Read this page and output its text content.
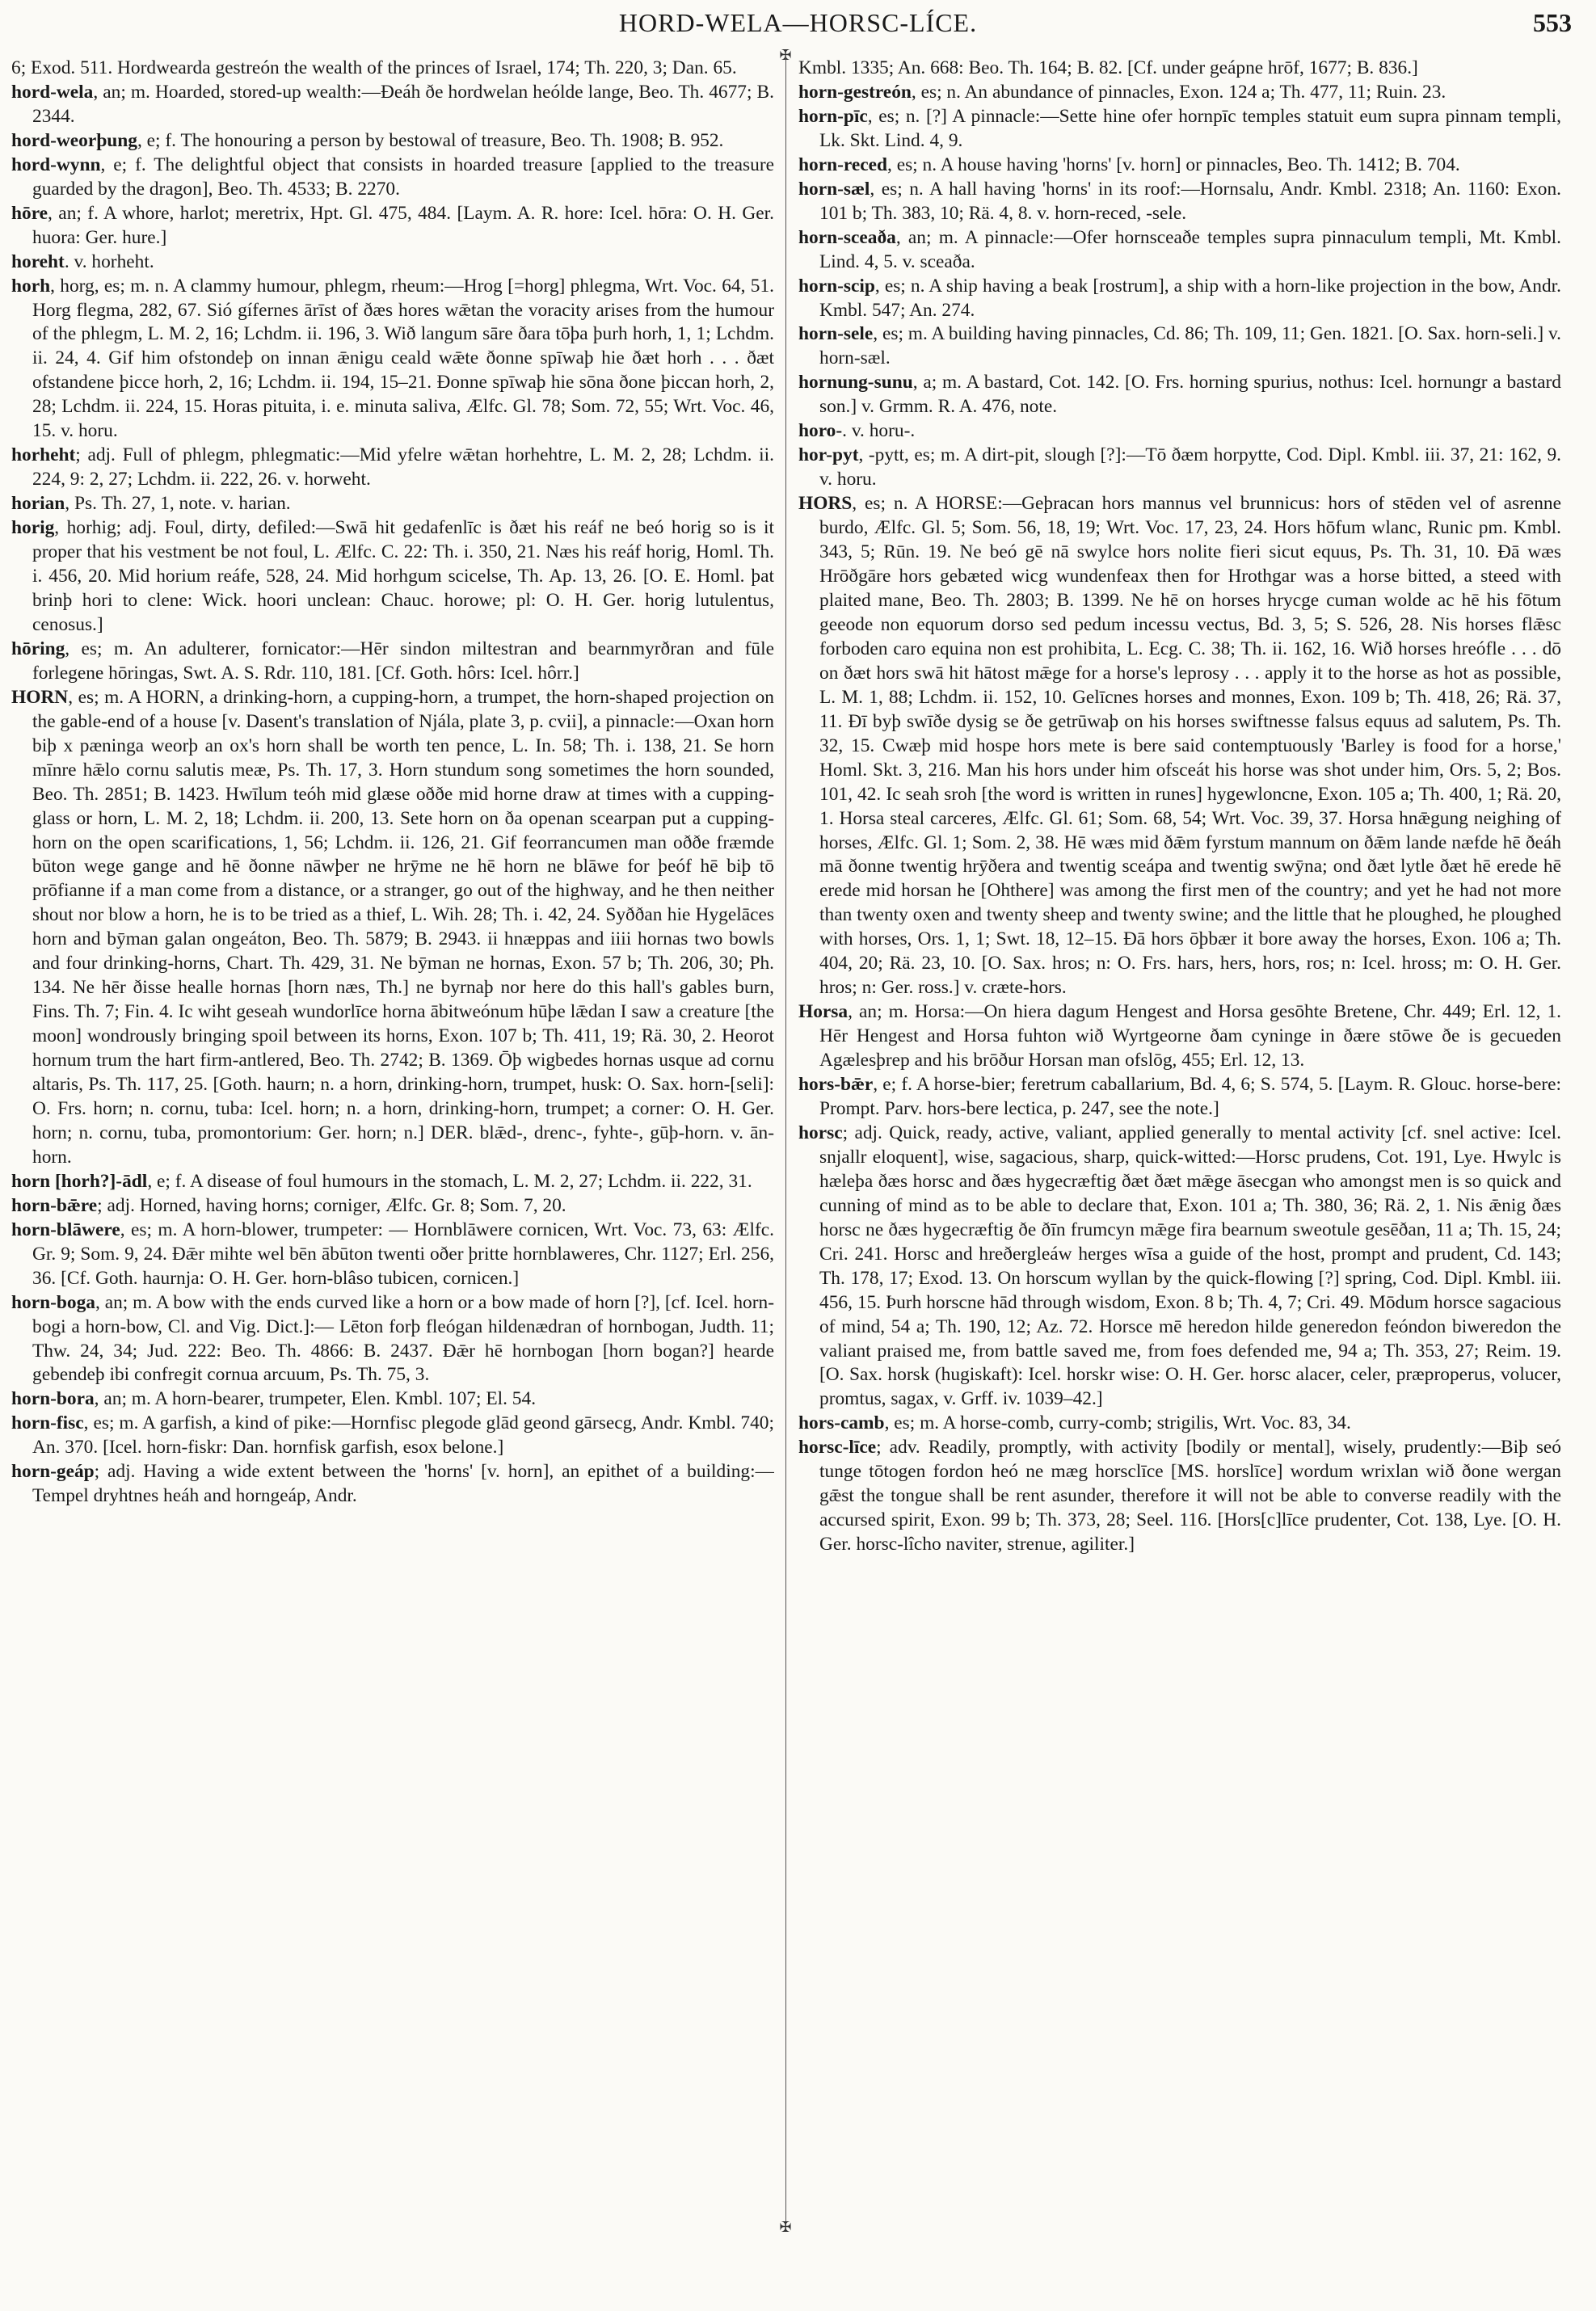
HORD-WELA—HORSC-LÍCE.	553
✠
✠

6; Exod. 511. Hordwearda gestreón the wealth of the princes of Israel, 174; Th. 220, 3; Dan. 65.

hord-wela, an; m. Hoarded, stored-up wealth:—Ðeáh ðe hordwelan heólde lange, Beo. Th. 4677; B. 2344.

hord-weorþung, e; f. The honouring a person by bestowal of treasure, Beo. Th. 1908; B. 952.

hord-wynn, e; f. The delightful object that consists in hoarded treasure [applied to the treasure guarded by the dragon], Beo. Th. 4533; B. 2270.

hōre, an; f. A whore, harlot; meretrix, Hpt. Gl. 475, 484. [Laym. A. R. hore: Icel. hōra: O. H. Ger. huora: Ger. hure.]

horeht. v. horheht.

horh, horg, es; m. n. A clammy humour, phlegm, rheum:—Hrog [=horg] phlegma, Wrt. Voc. 64, 51. Horg flegma, 282, 67. Sió gífernes ārīst of ðæs hores wǣtan the voracity arises from the humour of the phlegm, L. M. 2, 16; Lchdm. ii. 196, 3. Wið langum sāre ðara tōþa þurh horh, 1, 1; Lchdm. ii. 24, 4. Gif him ofstondeþ on innan ǣnigu ceald wǣte ðonne spīwaþ hie ðæt horh . . . ðæt ofstandene þicce horh, 2, 16; Lchdm. ii. 194, 15–21. Ðonne spīwaþ hie sōna ðone þiccan horh, 2, 28; Lchdm. ii. 224, 15. Horas pituita, i. e. minuta saliva, Ælfc. Gl. 78; Som. 72, 55; Wrt. Voc. 46, 15. v. horu.

horheht; adj. Full of phlegm, phlegmatic:—Mid yfelre wǣtan horhehtre, L. M. 2, 28; Lchdm. ii. 224, 9: 2, 27; Lchdm. ii. 222, 26. v. horweht.

horian, Ps. Th. 27, 1, note. v. harian.

horig, horhig; adj. Foul, dirty, defiled:—Swā hit gedafenlīc is ðæt his reáf ne beó horig so is it proper that his vestment be not foul, L. Ælfc. C. 22: Th. i. 350, 21. Næs his reáf horig, Homl. Th. i. 456, 20. Mid horium reáfe, 528, 24. Mid horhgum scicelse, Th. Ap. 13, 26. [O. E. Homl. þat brinþ hori to clene: Wick. hoori unclean: Chauc. horowe; pl: O. H. Ger. horig lutulentus, cenosus.]

hōring, es; m. An adulterer, fornicator:—Hēr sindon miltestran and bearnmyrðran and fūle forlegene hōringas, Swt. A. S. Rdr. 110, 181. [Cf. Goth. hôrs: Icel. hôrr.]

HORN, es; m. A HORN, a drinking-horn, a cupping-horn, a trumpet, the horn-shaped projection on the gable-end of a house [v. Dasent's translation of Njála, plate 3, p. cvii], a pinnacle:—Oxan horn biþ x pæninga weorþ an ox's horn shall be worth ten pence, L. In. 58; Th. i. 138, 21. Se horn mīnre hǣlo cornu salutis meæ, Ps. Th. 17, 3. Horn stundum song sometimes the horn sounded, Beo. Th. 2851; B. 1423. Hwīlum teóh mid glæse oððe mid horne draw at times with a cupping-glass or horn, L. M. 2, 18; Lchdm. ii. 200, 13. Sete horn on ða openan scearpan put a cupping-horn on the open scarifications, 1, 56; Lchdm. ii. 126, 21. Gif feorrancumen man oððe fræmde būton wege gange and hē ðonne nāwþer ne hrȳme ne hē horn ne blāwe for þeóf hē biþ tō prōfianne if a man come from a distance, or a stranger, go out of the highway, and he then neither shout nor blow a horn, he is to be tried as a thief, L. Wih. 28; Th. i. 42, 24. Syððan hie Hygelāces horn and bȳman galan ongeáton, Beo. Th. 5879; B. 2943. ii hnæppas and iiii hornas two bowls and four drinking-horns, Chart. Th. 429, 31. Ne bȳman ne hornas, Exon. 57 b; Th. 206, 30; Ph. 134. Ne hēr ðisse healle hornas [horn næs, Th.] ne byrnaþ nor here do this hall's gables burn, Fins. Th. 7; Fin. 4. Ic wiht geseah wundorlīce horna ābitweónum hūþe lǣdan I saw a creature [the moon] wondrously bringing spoil between its horns, Exon. 107 b; Th. 411, 19; Rä. 30, 2. Heorot hornum trum the hart firm-antlered, Beo. Th. 2742; B. 1369. Ōþ wigbedes hornas usque ad cornu altaris, Ps. Th. 117, 25. [Goth. haurn; n. a horn, drinking-horn, trumpet, husk: O. Sax. horn-[seli]: O. Frs. horn; n. cornu, tuba: Icel. horn; n. a horn, drinking-horn, trumpet; a corner: O. H. Ger. horn; n. cornu, tuba, promontorium: Ger. horn; n.] DER. blǣd-, drenc-, fyhte-, gūþ-horn. v. ān-horn.

horn [horh?]-ādl, e; f. A disease of foul humours in the stomach, L. M. 2, 27; Lchdm. ii. 222, 31.

horn-bǣre; adj. Horned, having horns; corniger, Ælfc. Gr. 8; Som. 7, 20.

horn-blāwere, es; m. A horn-blower, trumpeter: — Hornblāwere cornicen, Wrt. Voc. 73, 63: Ælfc. Gr. 9; Som. 9, 24. Ðǣr mihte wel bēn ābūton twenti oðer þritte hornblaweres, Chr. 1127; Erl. 256, 36. [Cf. Goth. haurnja: O. H. Ger. horn-blâso tubicen, cornicen.]

horn-boga, an; m. A bow with the ends curved like a horn or a bow made of horn [?], [cf. Icel. horn-bogi a horn-bow, Cl. and Vig. Dict.]:— Lēton forþ fleógan hildenædran of hornbogan, Judth. 11; Thw. 24, 34; Jud. 222: Beo. Th. 4866: B. 2437. Ðǣr hē hornbogan [horn bogan?] hearde gebendeþ ibi confregit cornua arcuum, Ps. Th. 75, 3.

horn-bora, an; m. A horn-bearer, trumpeter, Elen. Kmbl. 107; El. 54.

horn-fisc, es; m. A garfish, a kind of pike:—Hornfisc plegode glād geond gārsecg, Andr. Kmbl. 740; An. 370. [Icel. horn-fiskr: Dan. hornfisk garfish, esox belone.]

horn-geáp; adj. Having a wide extent between the 'horns' [v. horn], an epithet of a building:—Tempel dryhtnes heáh and horngeáp, Andr.

Kmbl. 1335; An. 668: Beo. Th. 164; B. 82. [Cf. under geápne hrōf, 1677; B. 836.]

horn-gestreón, es; n. An abundance of pinnacles, Exon. 124 a; Th. 477, 11; Ruin. 23.

horn-pīc, es; n. [?] A pinnacle:—Sette hine ofer hornpīc temples statuit eum supra pinnam templi, Lk. Skt. Lind. 4, 9.

horn-reced, es; n. A house having 'horns' [v. horn] or pinnacles, Beo. Th. 1412; B. 704.

horn-sæl, es; n. A hall having 'horns' in its roof:—Hornsalu, Andr. Kmbl. 2318; An. 1160: Exon. 101 b; Th. 383, 10; Rä. 4, 8. v. horn-reced, -sele.

horn-sceaða, an; m. A pinnacle:—Ofer hornsceaðe temples supra pinnaculum templi, Mt. Kmbl. Lind. 4, 5. v. sceaða.

horn-scip, es; n. A ship having a beak [rostrum], a ship with a horn-like projection in the bow, Andr. Kmbl. 547; An. 274.

horn-sele, es; m. A building having pinnacles, Cd. 86; Th. 109, 11; Gen. 1821. [O. Sax. horn-seli.] v. horn-sæl.

hornung-sunu, a; m. A bastard, Cot. 142. [O. Frs. horning spurius, nothus: Icel. hornungr a bastard son.] v. Grmm. R. A. 476, note.

horo-. v. horu-.

hor-pyt, -pytt, es; m. A dirt-pit, slough [?]:—Tō ðæm horpytte, Cod. Dipl. Kmbl. iii. 37, 21: 162, 9. v. horu.

HORS, es; n. A HORSE:—Geþracan hors mannus vel brunnicus: hors of stēden vel of asrenne burdo, Ælfc. Gl. 5; Som. 56, 18, 19; Wrt. Voc. 17, 23, 24. Hors hōfum wlanc, Runic pm. Kmbl. 343, 5; Rūn. 19. Ne beó gē nā swylce hors nolite fieri sicut equus, Ps. Th. 31, 10. Ðā wæs Hrōðgāre hors gebæted wicg wundenfeax then for Hrothgar was a horse bitted, a steed with plaited mane, Beo. Th. 2803; B. 1399. Ne hē on horses hrycge cuman wolde ac hē his fōtum geeode non equorum dorso sed pedum incessu vectus, Bd. 3, 5; S. 526, 28. Nis horses flǣsc forboden caro equina non est prohibita, L. Ecg. C. 38; Th. ii. 162, 16. Wið horses hreófle . . . dō on ðæt hors swā hit hātost mǣge for a horse's leprosy . . . apply it to the horse as hot as possible, L. M. 1, 88; Lchdm. ii. 152, 10. Gelīcnes horses and monnes, Exon. 109 b; Th. 418, 26; Rä. 37, 11. Ðī byþ swīðe dysig se ðe getrūwaþ on his horses swiftnesse falsus equus ad salutem, Ps. Th. 32, 15. Cwæþ mid hospe hors mete is bere said contemptuously 'Barley is food for a horse,' Homl. Skt. 3, 216. Man his hors under him ofsceát his horse was shot under him, Ors. 5, 2; Bos. 101, 42. Ic seah sroh [the word is written in runes] hygewloncne, Exon. 105 a; Th. 400, 1; Rä. 20, 1. Horsa steal carceres, Ælfc. Gl. 61; Som. 68, 54; Wrt. Voc. 39, 37. Horsa hnǣgung neighing of horses, Ælfc. Gl. 1; Som. 2, 38. Hē wæs mid ðǣm fyrstum mannum on ðǣm lande næfde hē ðeáh mā ðonne twentig hrȳðera and twentig sceápa and twentig swȳna; ond ðæt lytle ðæt hē erede hē erede mid horsan he [Ohthere] was among the first men of the country; and yet he had not more than twenty oxen and twenty sheep and twenty swine; and the little that he ploughed, he ploughed with horses, Ors. 1, 1; Swt. 18, 12–15. Ðā hors ōþbær it bore away the horses, Exon. 106 a; Th. 404, 20; Rä. 23, 10. [O. Sax. hros; n: O. Frs. hars, hers, hors, ros; n: Icel. hross; m: O. H. Ger. hros; n: Ger. ross.] v. cræte-hors.

Horsa, an; m. Horsa:—On hiera dagum Hengest and Horsa gesōhte Bretene, Chr. 449; Erl. 12, 1. Hēr Hengest and Horsa fuhton wið Wyrtgeorne ðam cyninge in ðære stōwe ðe is gecueden Agælesþrep and his brōður Horsan man ofslōg, 455; Erl. 12, 13.

hors-bǣr, e; f. A horse-bier; feretrum caballarium, Bd. 4, 6; S. 574, 5. [Laym. R. Glouc. horse-bere: Prompt. Parv. hors-bere lectica, p. 247, see the note.]

horsc; adj. Quick, ready, active, valiant, applied generally to mental activity [cf. snel active: Icel. snjallr eloquent], wise, sagacious, sharp, quick-witted:—Horsc prudens, Cot. 191, Lye. Hwylc is hæleþa ðæs horsc and ðæs hygecræftig ðæt ðæt mǣge āsecgan who amongst men is so quick and cunning of mind as to be able to declare that, Exon. 101 a; Th. 380, 36; Rä. 2, 1. Nis ǣnig ðæs horsc ne ðæs hygecræftig ðe ðīn frumcyn mǣge fira bearnum sweotule gesēðan, 11 a; Th. 15, 24; Cri. 241. Horsc and hreðergleáw herges wīsa a guide of the host, prompt and prudent, Cd. 143; Th. 178, 17; Exod. 13. On horscum wyllan by the quick-flowing [?] spring, Cod. Dipl. Kmbl. iii. 456, 15. Þurh horscne hād through wisdom, Exon. 8 b; Th. 4, 7; Cri. 49. Mōdum horsce sagacious of mind, 54 a; Th. 190, 12; Az. 72. Horsce mē heredon hilde generedon feóndon biweredon the valiant praised me, from battle saved me, from foes defended me, 94 a; Th. 353, 27; Reim. 19. [O. Sax. horsk (hugiskaft): Icel. horskr wise: O. H. Ger. horsc alacer, celer, præproperus, volucer, promtus, sagax, v. Grff. iv. 1039–42.]

hors-camb, es; m. A horse-comb, curry-comb; strigilis, Wrt. Voc. 83, 34.

horsc-līce; adv. Readily, promptly, with activity [bodily or mental], wisely, prudently:—Biþ seó tunge tōtogen fordon heó ne mæg horsclīce [MS. horslīce] wordum wrixlan wið ðone wergan gǣst the tongue shall be rent asunder, therefore it will not be able to converse readily with the accursed spirit, Exon. 99 b; Th. 373, 28; Seel. 116. [Hors[c]līce prudenter, Cot. 138, Lye. [O. H. Ger. horsc-lîcho naviter, strenue, agiliter.]
